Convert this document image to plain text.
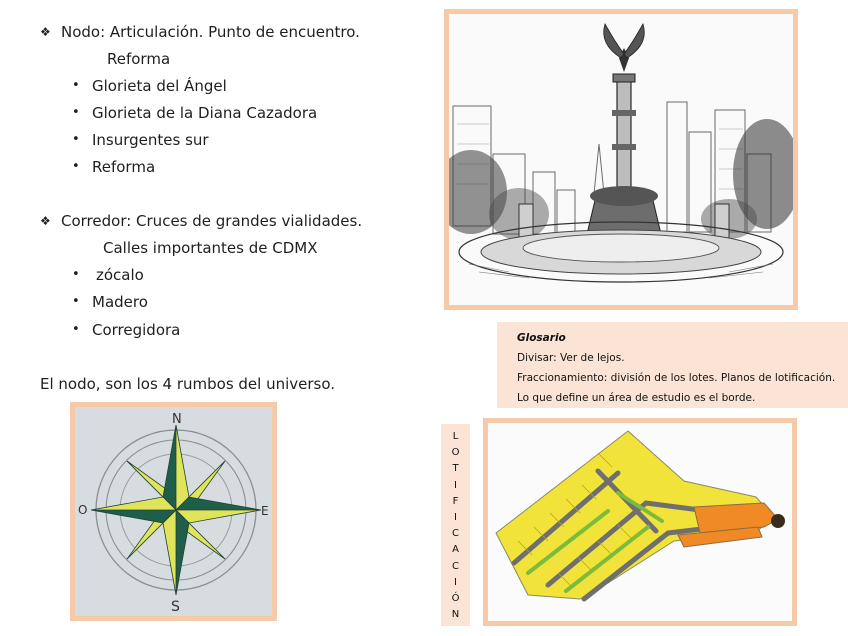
❖ Nodo: Articulación. Punto de encuentro.
Reforma
• Glorieta del Ángel
• Glorieta de la Diana Cazadora
• Insurgentes sur
• Reforma
❖ Corredor: Cruces de grandes vialidades.
Calles importantes de CDMX
• zócalo
• Madero
• Corregidora
El nodo, son los 4 rumbos del universo.
N
S
E
O
Glosario
Divisar: Ver de lejos.
Fraccionamiento: división de los lotes. Planos de lotificación.
Lo que define un área de estudio es el borde.
L
O
T
I
F
I
C
A
C
I
Ó
N
